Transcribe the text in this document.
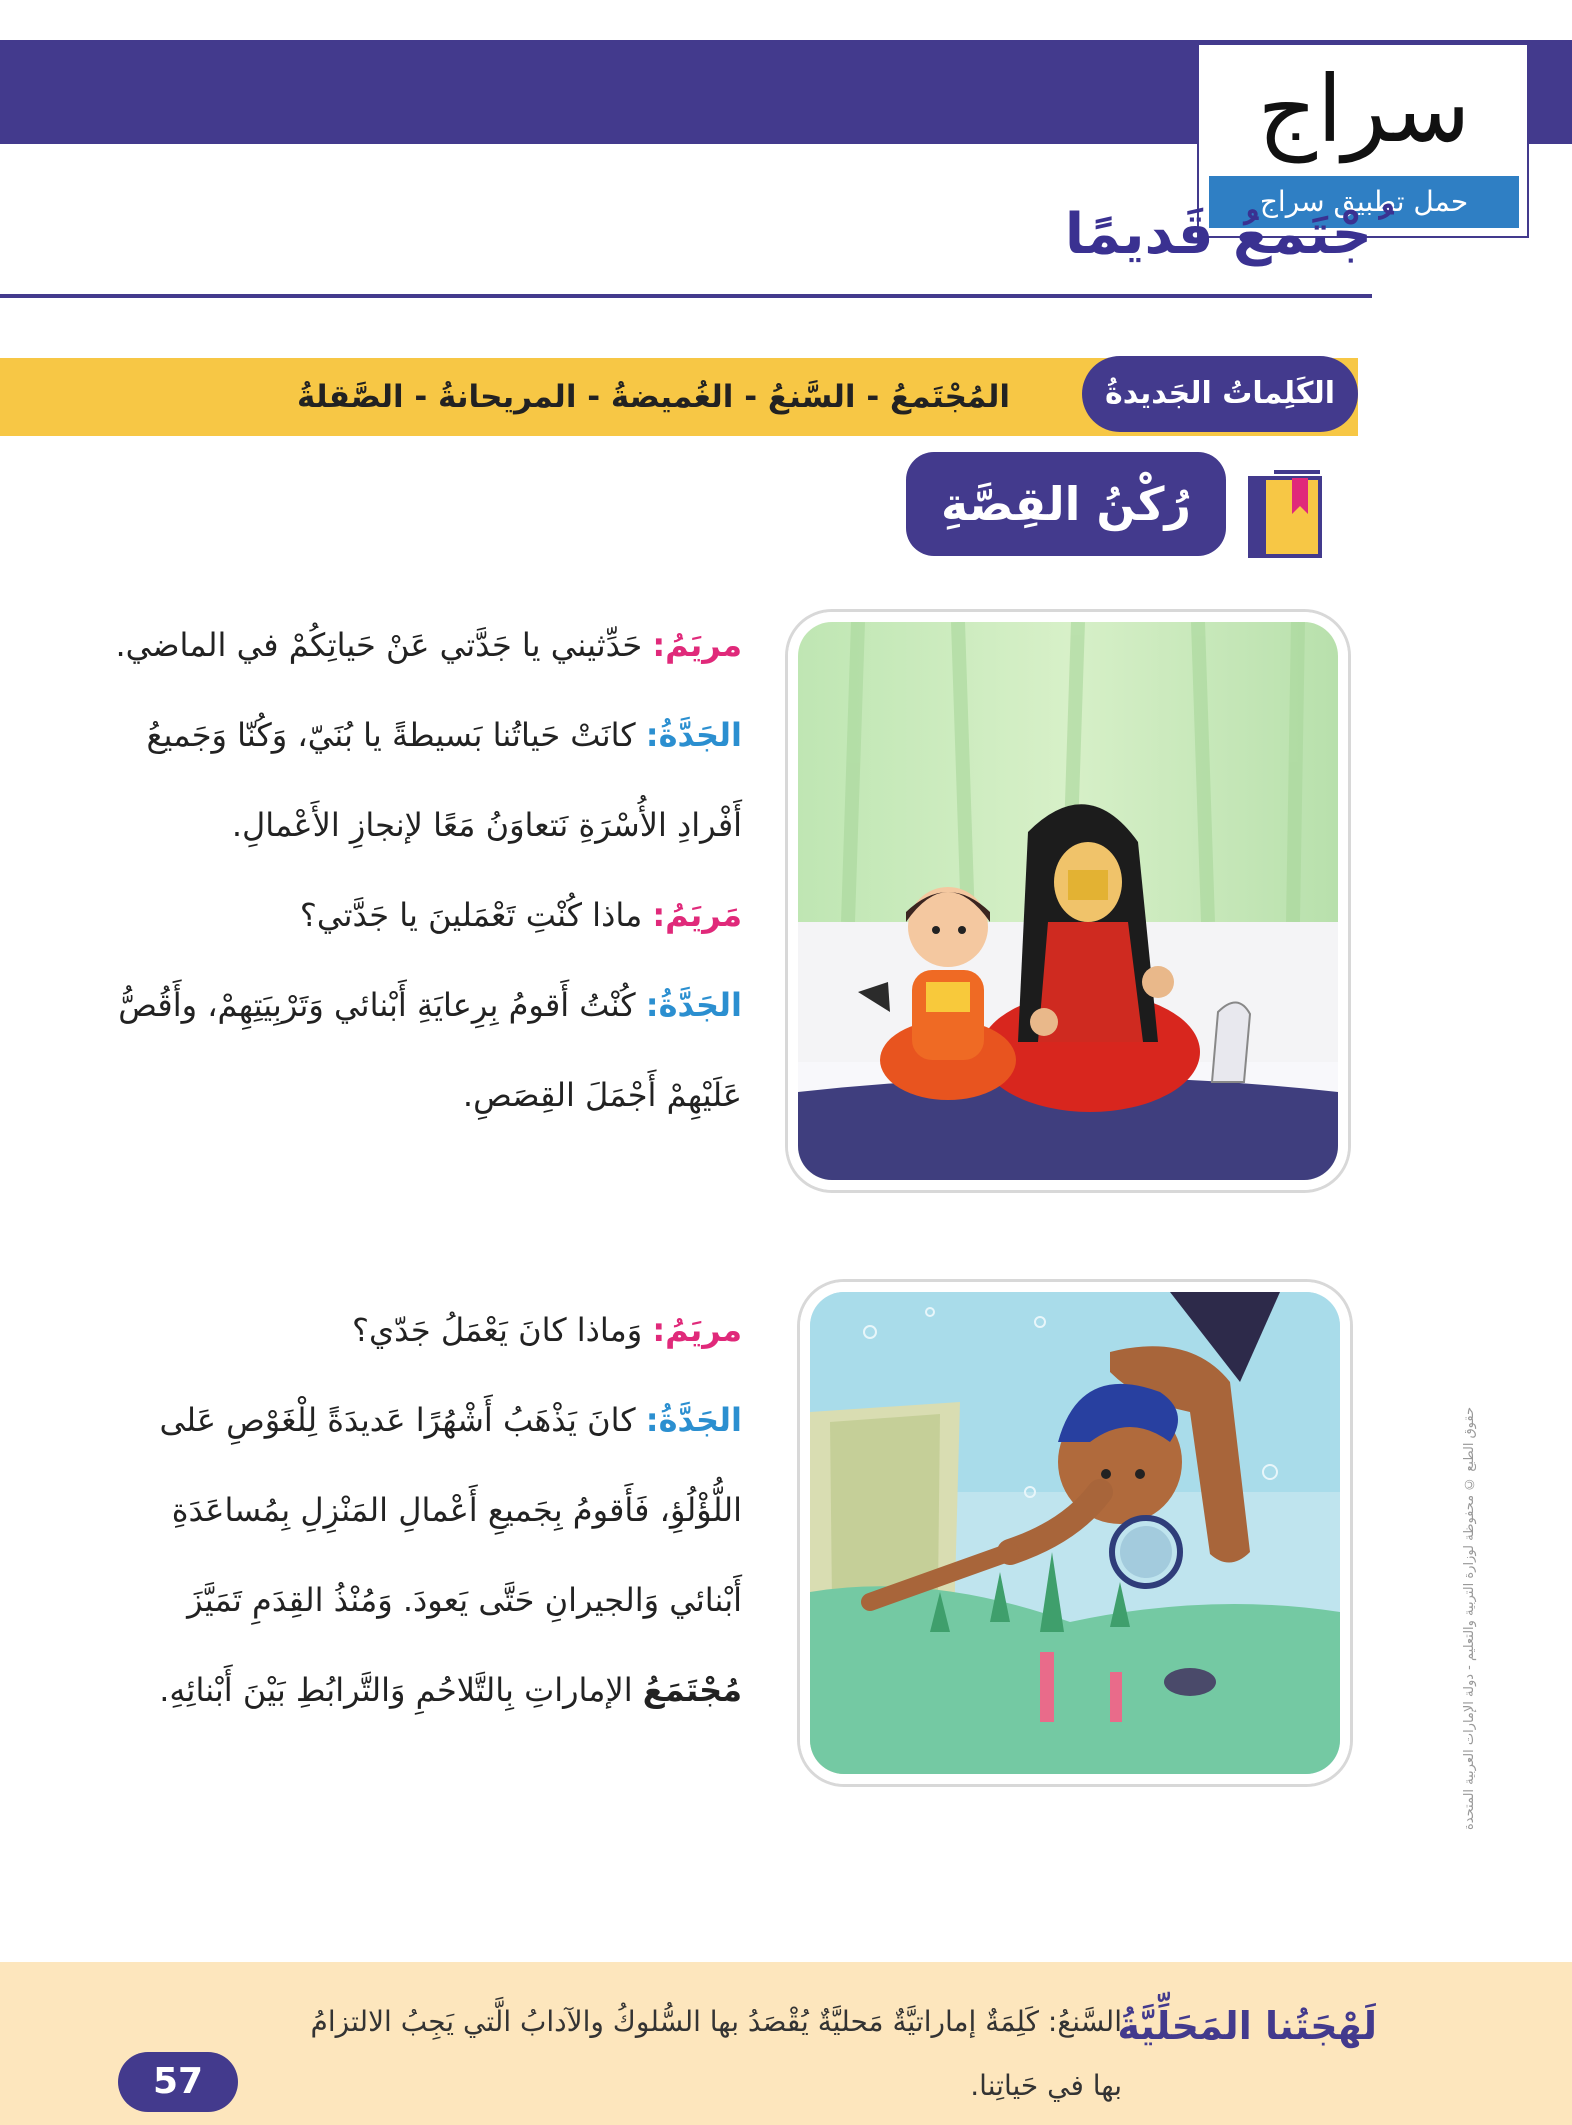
سراج
حمل تطبيق سراج
ُجْتَمعُ قَديمًا
المُجْتَمعُ - السَّنعُ - الغُميضةُ - المريحانةُ - الصَّقلةُ	الكَلِماتُ الجَديدةُ
رُكْنُ القِصَّةِ
مريَمُ: حَدِّثيني يا جَدَّتي عَنْ حَياتِكُمْ في الماضي.
الجَدَّةُ: كانَتْ حَياتُنا بَسيطةً يا بُنَيّ، وَكُنّا وَجَميعُ
أَفْرادِ الأُسْرَةِ نَتعاوَنُ مَعًا لإنجازِ الأَعْمالِ.
مَريَمُ: ماذا كُنْتِ تَعْمَلينَ يا جَدَّتي؟
الجَدَّةُ: كُنْتُ أَقومُ بِرِعايَةِ أَبْنائي وَتَرْبِيَتِهِمْ، وأَقُصُّ
عَلَيْهِمْ أَجْمَلَ القِصَصِ.
مريَمُ: وَماذا كانَ يَعْمَلُ جَدّي؟
الجَدَّةُ: كانَ يَذْهَبُ أَشْهُرًا عَديدَةً لِلْغَوْصِ عَلى
اللُّؤْلُؤِ، فَأَقومُ بِجَميعِ أَعْمالِ المَنْزِلِ بِمُساعَدَةِ
أَبْنائي وَالجيرانِ حَتَّى يَعودَ. وَمُنْذُ القِدَمِ تَمَيَّزَ
مُجْتَمَعُ الإماراتِ بِالتَّلاحُمِ وَالتَّرابُطِ بَيْنَ أَبْنائِهِ.	حقوق الطبع © محفوظة لوزارة التربية والتعليم - دولة الإمارات العربية المتحدة
لَهْجَتُنا المَحَلِّيَّةُ
السَّنعُ: كَلِمَةٌ إماراتيَّةٌ مَحليَّةٌ يُقْصَدُ بها السُّلوكُ والآدابُ الَّتي يَجِبُ الالتزامُ بها في حَياتِنا.
57
